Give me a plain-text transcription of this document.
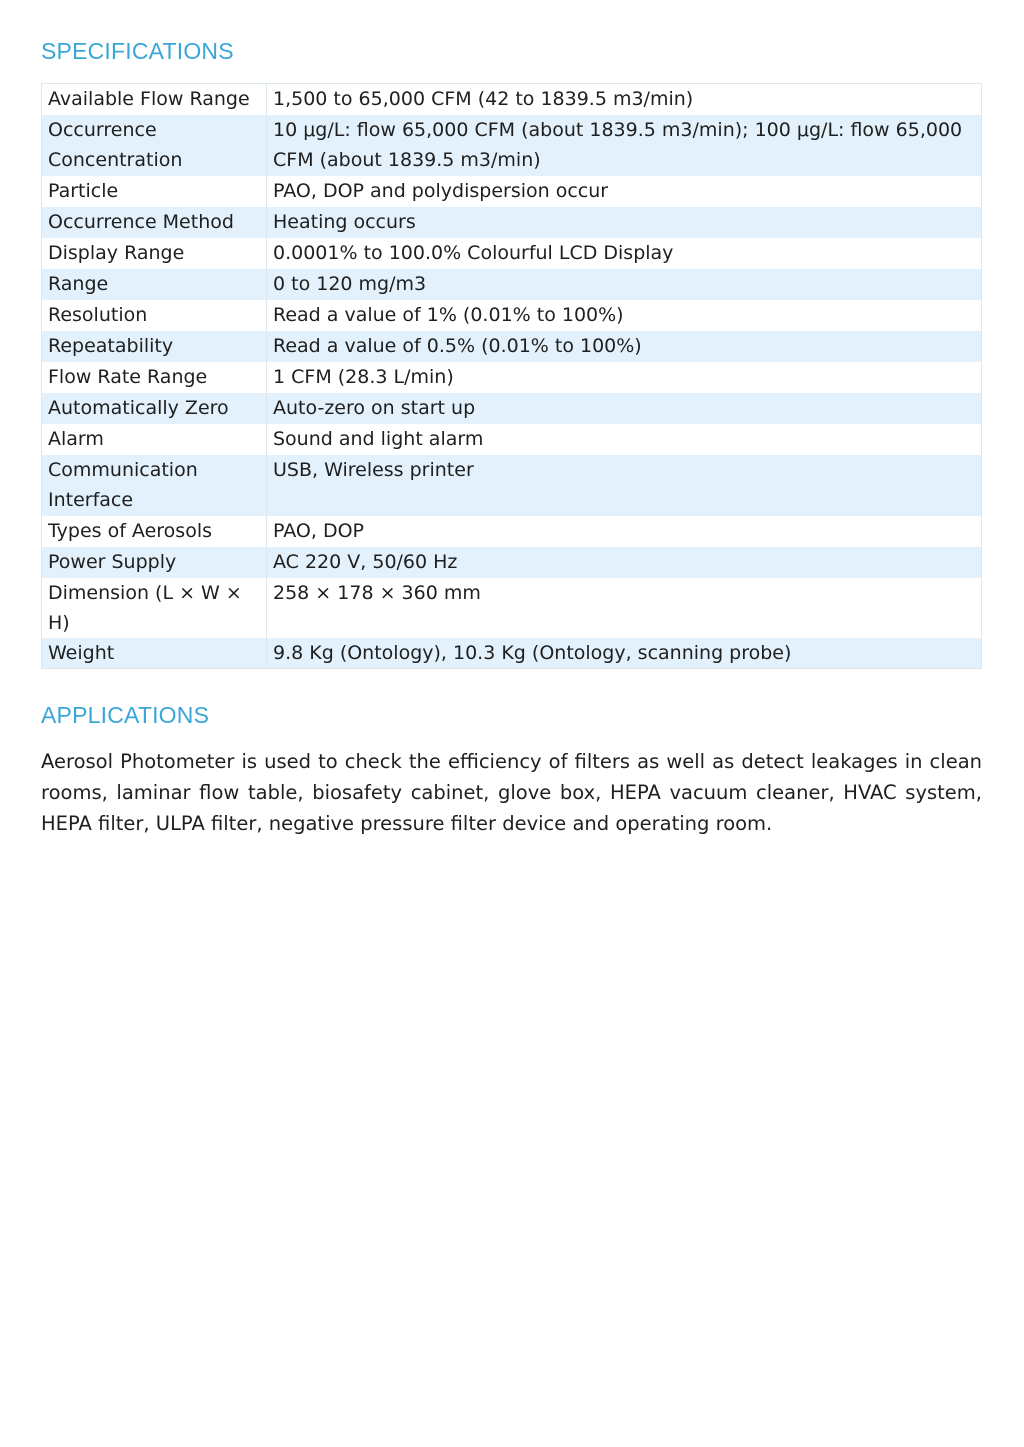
SPECIFICATIONS
Available Flow Range	1,500 to 65,000 CFM (42 to 1839.5 m3/min)
Occurrence Concentration	10 μg/L: flow 65,000 CFM (about 1839.5 m3/min); 100 μg/L: flow 65,000 CFM (about 1839.5 m3/min)
Particle	PAO, DOP and polydispersion occur
Occurrence Method	Heating occurs
Display Range	0.0001% to 100.0% Colourful LCD Display
Range	0 to 120 mg/m3
Resolution	Read a value of 1% (0.01% to 100%)
Repeatability	Read a value of 0.5% (0.01% to 100%)
Flow Rate Range	1 CFM (28.3 L/min)
Automatically Zero	Auto-zero on start up
Alarm	Sound and light alarm
Communication Interface	USB, Wireless printer
Types of Aerosols	PAO, DOP
Power Supply	AC 220 V, 50/60 Hz
Dimension (L × W × H)	258 × 178 × 360 mm
Weight	9.8 Kg (Ontology), 10.3 Kg (Ontology, scanning probe)
APPLICATIONS

Aerosol Photometer is used to check the efficiency of filters as well as detect leakages in clean rooms, laminar flow table, biosafety cabinet, glove box, HEPA vacuum cleaner, HVAC system, HEPA filter, ULPA filter, negative pressure filter device and operating room.
